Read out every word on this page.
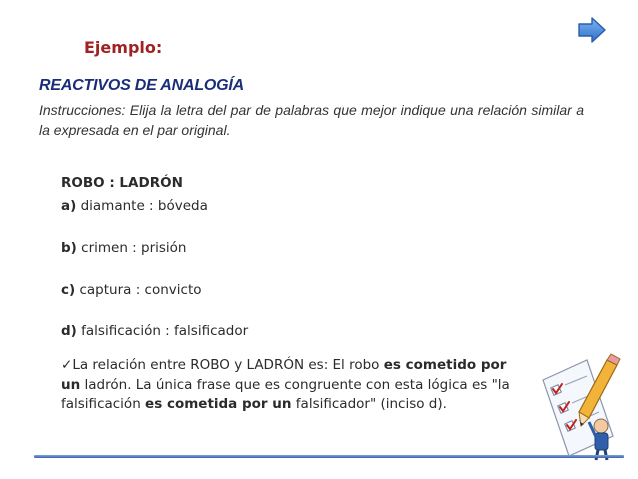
Ejemplo:
REACTIVOS DE ANALOGÍA
Instrucciones: Elija la letra del par de palabras que mejor indique una relación similar a la expresada en el par original.
ROBO : LADRÓN
a) diamante : bóveda
b) crimen : prisión
c) captura : convicto
d) falsificación : falsificador
✓La relación entre ROBO y LADRÓN es: El robo es cometido por un ladrón. La única frase que es congruente con esta lógica es "la falsificación es cometida por un falsificador" (inciso d).
